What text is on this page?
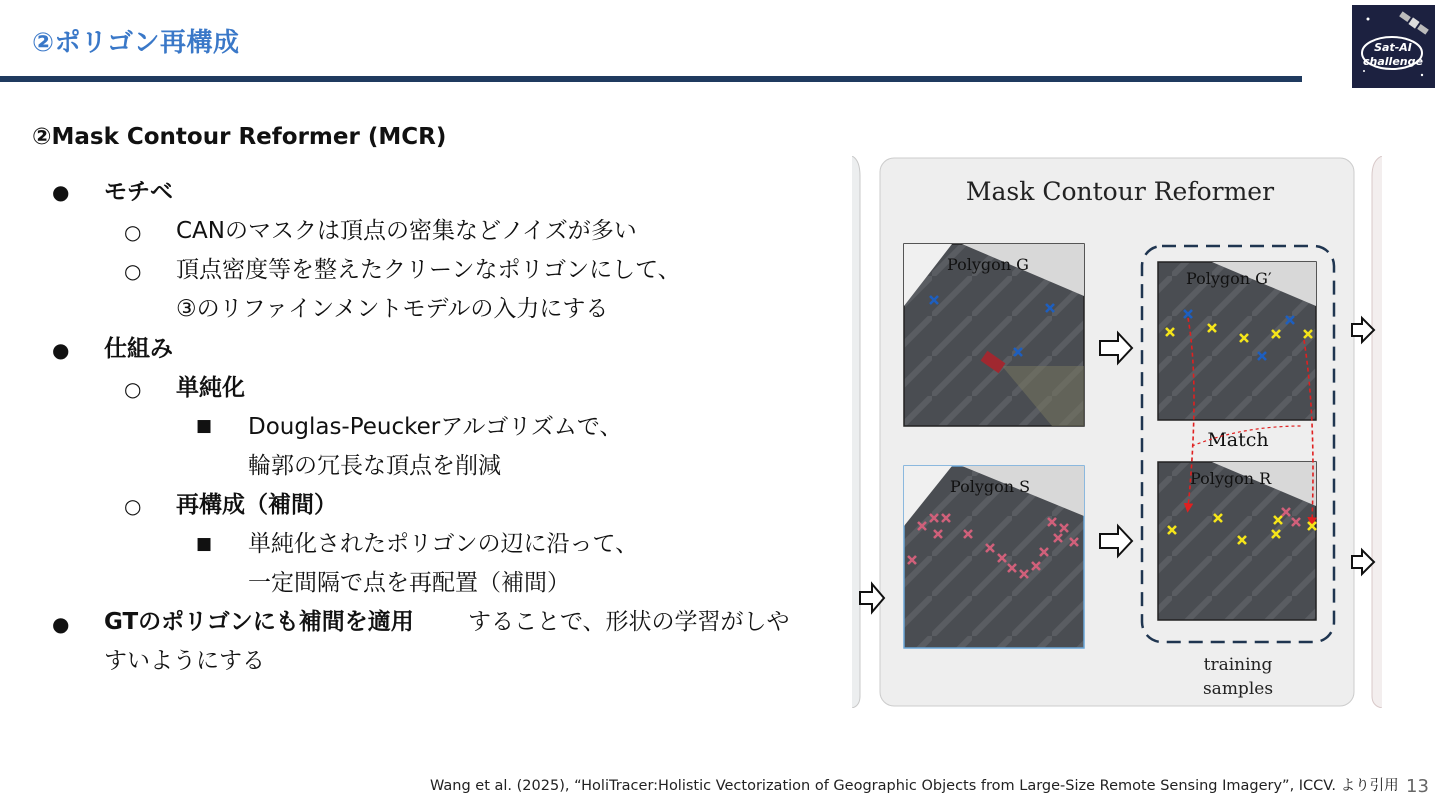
②ポリゴン再構成	Sat-AI
challenge
②Mask Contour Reformer (MCR)
● モチベ
○ CANのマスクは頂点の密集などノイズが多い
○ 頂点密度等を整えたクリーンなポリゴンにして、
③のリファインメントモデルの入力にする
● 仕組み
○ 単純化
■ Douglas-Peuckerアルゴリズムで、
輪郭の冗長な頂点を削減
○ 再構成（補間）
■ 単純化されたポリゴンの辺に沿って、
一定間隔で点を再配置（補間）
● GTのポリゴンにも補間を適用 することで、形状の学習がしや
すいようにする
Mask Contour Reformer
Polygon G
Polygon S
Polygon G′
Match
Polygon R
training
samples
Wang et al. (2025), “HoliTracer:Holistic Vectorization of Geographic Objects from Large-Size Remote Sensing Imagery”, ICCV. より引用 13
